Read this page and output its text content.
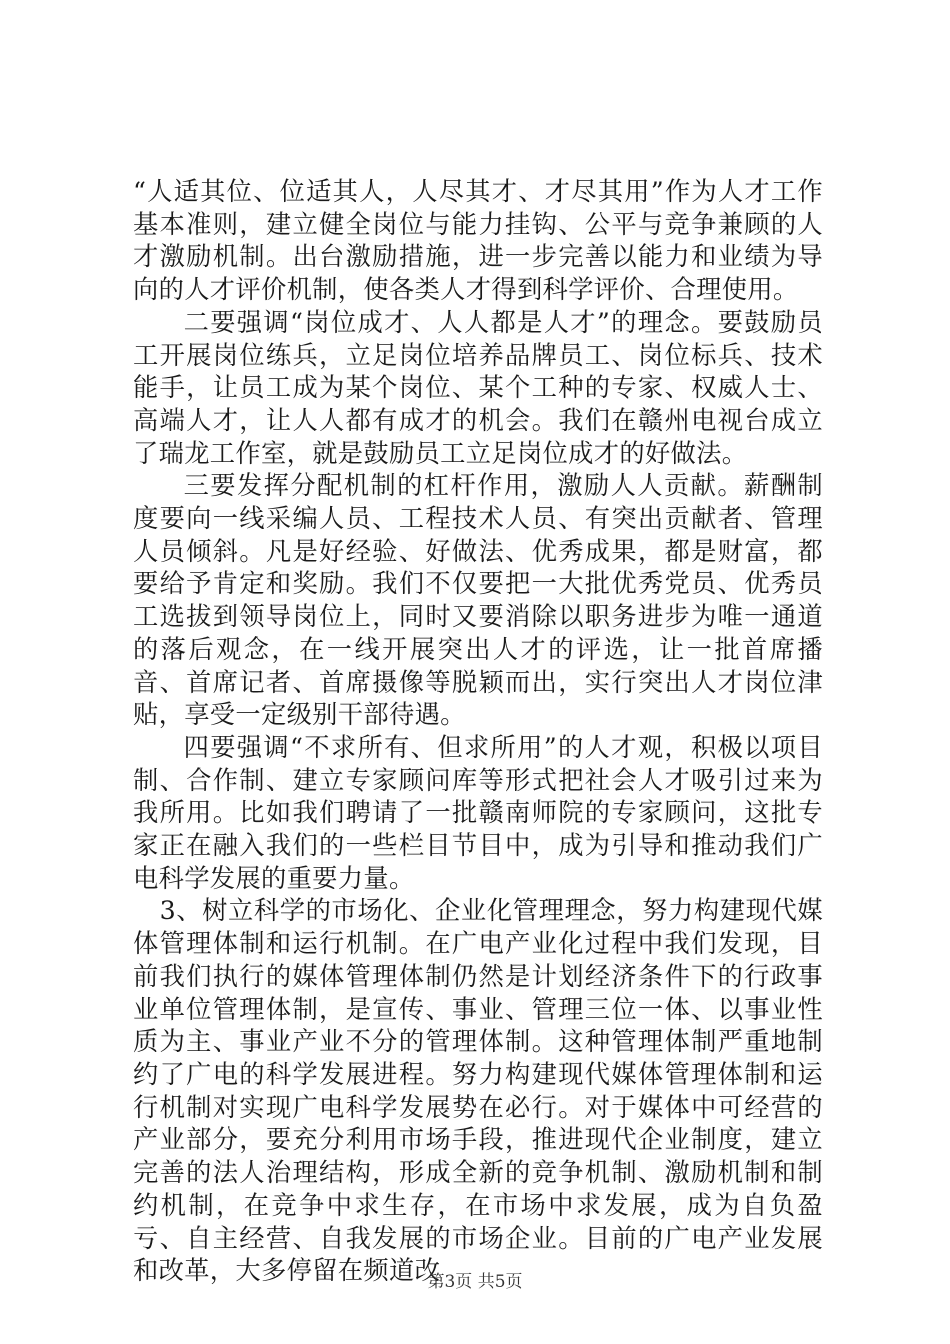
“人适其位、位适其人，人尽其才、才尽其用”作为人才工作基本准则，建立健全岗位与能力挂钩、公平与竞争兼顾的人才激励机制。出台激励措施，进一步完善以能力和业绩为导向的人才评价机制，使各类人才得到科学评价、合理使用。

二要强调“岗位成才、人人都是人才”的理念。要鼓励员工开展岗位练兵，立足岗位培养品牌员工、岗位标兵、技术能手，让员工成为某个岗位、某个工种的专家、权威人士、高端人才，让人人都有成才的机会。我们在赣州电视台成立了瑞龙工作室，就是鼓励员工立足岗位成才的好做法。

三要发挥分配机制的杠杆作用，激励人人贡献。薪酬制度要向一线采编人员、工程技术人员、有突出贡献者、管理人员倾斜。凡是好经验、好做法、优秀成果，都是财富，都要给予肯定和奖励。我们不仅要把一大批优秀党员、优秀员工选拔到领导岗位上，同时又要消除以职务进步为唯一通道的落后观念，在一线开展突出人才的评选，让一批首席播音、首席记者、首席摄像等脱颖而出，实行突出人才岗位津贴，享受一定级别干部待遇。

四要强调“不求所有、但求所用”的人才观，积极以项目制、合作制、建立专家顾问库等形式把社会人才吸引过来为我所用。比如我们聘请了一批赣南师院的专家顾问，这批专家正在融入我们的一些栏目节目中，成为引导和推动我们广电科学发展的重要力量。

3、树立科学的市场化、企业化管理理念，努力构建现代媒体管理体制和运行机制。在广电产业化过程中我们发现，目前我们执行的媒体管理体制仍然是计划经济条件下的行政事业单位管理体制，是宣传、事业、管理三位一体、以事业性质为主、事业产业不分的管理体制。这种管理体制严重地制约了广电的科学发展进程。努力构建现代媒体管理体制和运行机制对实现广电科学发展势在必行。对于媒体中可经营的产业部分，要充分利用市场手段，推进现代企业制度，建立完善的法人治理结构，形成全新的竞争机制、激励机制和制约机制，在竞争中求生存，在市场中求发展，成为自负盈亏、自主经营、自我发展的市场企业。目前的广电产业发展和改革，大多停留在频道改

第3页 共5页
